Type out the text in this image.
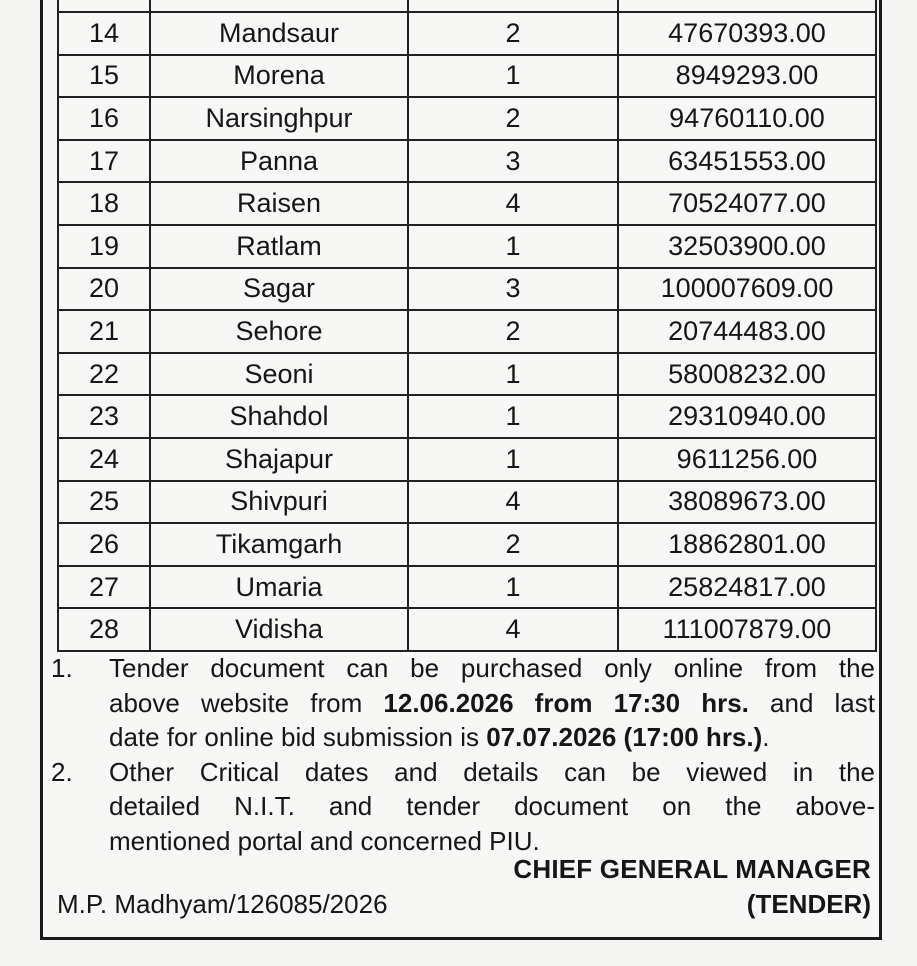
14	Mandsaur	2	47670393.00
15	Morena	1	8949293.00
16	Narsinghpur	2	94760110.00
17	Panna	3	63451553.00
18	Raisen	4	70524077.00
19	Ratlam	1	32503900.00
20	Sagar	3	100007609.00
21	Sehore	2	20744483.00
22	Seoni	1	58008232.00
23	Shahdol	1	29310940.00
24	Shajapur	1	9611256.00
25	Shivpuri	4	38089673.00
26	Tikamgarh	2	18862801.00
27	Umaria	1	25824817.00
28	Vidisha	4	111007879.00
1.	Tender document can be purchased only online from the
above website from 12.06.2026 from 17:30 hrs. and last
date for online bid submission is 07.07.2026 (17:00 hrs.).
2.	Other Critical dates and details can be viewed in the
detailed N.I.T. and tender document on the above-
mentioned portal and concerned PIU.
CHIEF GENERAL MANAGER
M.P. Madhyam/126085/2026	(TENDER)
